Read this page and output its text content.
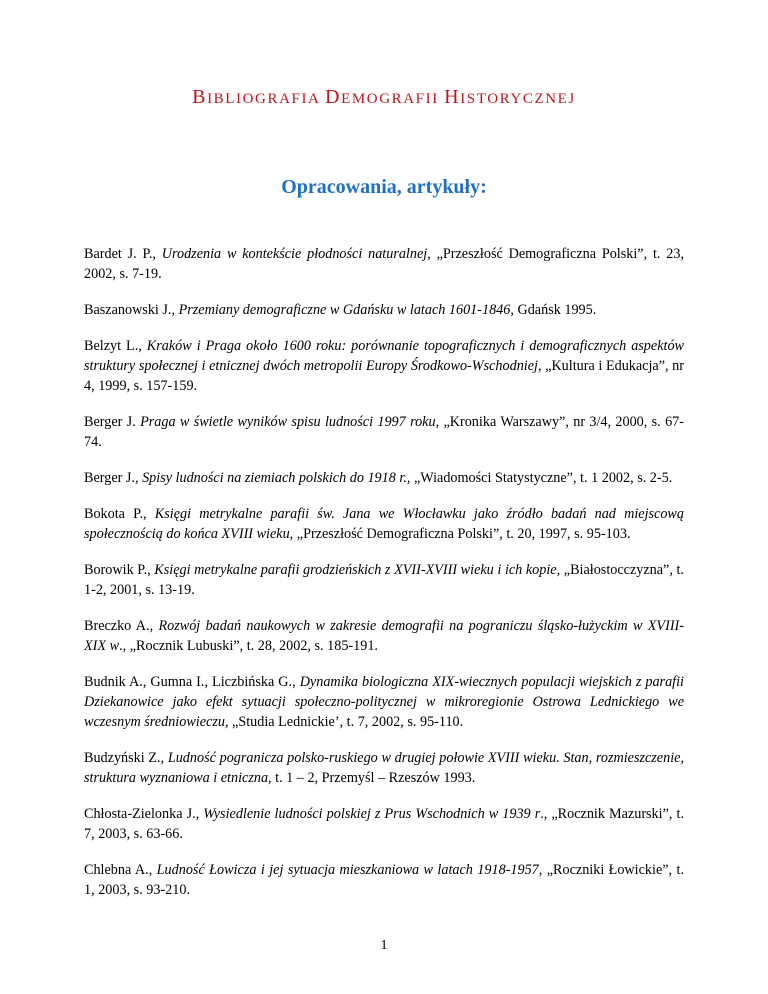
BIBLIOGRAFIA DEMOGRAFII HISTORYCZNEJ
Opracowania, artykuły:

Bardet J. P., Urodzenia w kontekście płodności naturalnej, „Przeszłość Demograficzna Polski”, t. 23, 2002, s. 7-19.

Baszanowski J., Przemiany demograficzne w Gdańsku w latach 1601-1846, Gdańsk 1995.

Belzyt L., Kraków i Praga około 1600 roku: porównanie topograficznych i demograficznych aspektów struktury społecznej i etnicznej dwóch metropolii Europy Środkowo-Wschodniej, „Kultura i Edukacja”, nr 4, 1999, s. 157-159.

Berger J. Praga w świetle wyników spisu ludności 1997 roku, „Kronika Warszawy”, nr 3/4, 2000, s. 67-74.

Berger J., Spisy ludności na ziemiach polskich do 1918 r., „Wiadomości Statystyczne”, t. 1 2002, s. 2-5.

Bokota P., Księgi metrykalne parafii św. Jana we Włocławku jako źródło badań nad miejscową społecznością do końca XVIII wieku, „Przeszłość Demograficzna Polski”, t. 20, 1997, s. 95-103.

Borowik P., Księgi metrykalne parafii grodzieńskich z XVII-XVIII wieku i ich kopie, „Białostocczyzna”, t. 1-2, 2001, s. 13-19.

Breczko A., Rozwój badań naukowych w zakresie demografii na pograniczu śląsko-łużyckim w XVIII-XIX w., „Rocznik Lubuski”, t. 28, 2002, s. 185-191.

Budnik A., Gumna I., Liczbińska G., Dynamika biologiczna XIX-wiecznych populacji wiejskich z parafii Dziekanowice jako efekt sytuacji społeczno-politycznej w mikroregionie Ostrowa Lednickiego we wczesnym średniowieczu, „Studia Lednickie’, t. 7, 2002, s. 95-110.

Budzyński Z., Ludność pogranicza polsko-ruskiego w drugiej połowie XVIII wieku. Stan, rozmieszczenie, struktura wyznaniowa i etniczna, t. 1 – 2, Przemyśl – Rzeszów 1993.

Chłosta-Zielonka J., Wysiedlenie ludności polskiej z Prus Wschodnich w 1939 r., „Rocznik Mazurski”, t. 7, 2003, s. 63-66.

Chlebna A., Ludność Łowicza i jej sytuacja mieszkaniowa w latach 1918-1957, „Roczniki Łowickie”, t. 1, 2003, s. 93-210.

1
